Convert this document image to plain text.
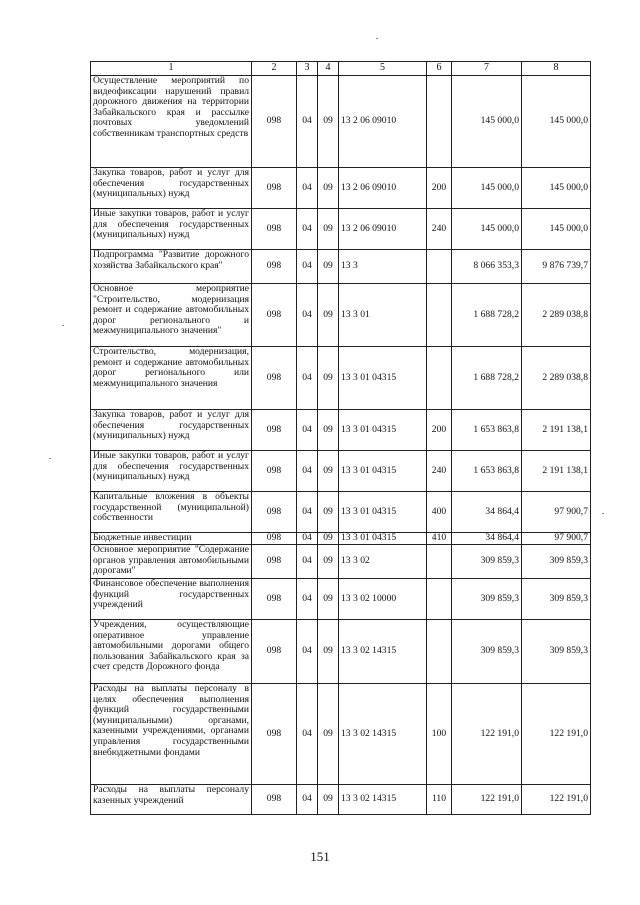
1	2	3	4	5	6	7	8
Осуществление мероприятий по видеофиксации нарушений правил дорожного движения на территории Забайкальского края и рассылке почтовых уведомлений собственникам транспортных средств	098	04	09	13 2 06 09010		145 000,0	145 000,0
Закупка товаров, работ и услуг для обеспечения государственных (муниципальных) нужд	098	04	09	13 2 06 09010	200	145 000,0	145 000,0
Иные закупки товаров, работ и услуг для обеспечения государственных (муниципальных) нужд	098	04	09	13 2 06 09010	240	145 000,0	145 000,0
Подпрограмма "Развитие дорожного хозяйства Забайкальского края"	098	04	09	13 3		8 066 353,3	9 876 739,7
Основное мероприятие "Строительство, модернизация ремонт и содержание автомобильных дорог регионального и межмуниципального значения"	098	04	09	13 3 01		1 688 728,2	2 289 038,8
Строительство, модернизация, ремонт и содержание автомобильных дорог регионального или межмуниципального значения	098	04	09	13 3 01 04315		1 688 728,2	2 289 038,8
Закупка товаров, работ и услуг для обеспечения государственных (муниципальных) нужд	098	04	09	13 3 01 04315	200	1 653 863,8	2 191 138,1
Иные закупки товаров, работ и услуг для обеспечения государственных (муниципальных) нужд	098	04	09	13 3 01 04315	240	1 653 863,8	2 191 138,1
Капитальные вложения в объекты государственной (муниципальной) собственности	098	04	09	13 3 01 04315	400	34 864,4	97 900,7
Бюджетные инвестиции	098	04	09	13 3 01 04315	410	34 864,4	97 900,7
Основное мероприятие "Содержание органов управления автомобильными дорогами"	098	04	09	13 3 02		309 859,3	309 859,3
Финансовое обеспечение выполнения функций государственных учреждений	098	04	09	13 3 02 10000		309 859,3	309 859,3
Учреждения, осуществляющие оперативное управление автомобильными дорогами общего пользования Забайкальского края за счет средств Дорожного фонда	098	04	09	13 3 02 14315		309 859,3	309 859,3
Расходы на выплаты персоналу в целях обеспечения выполнения функций государственными (муниципальными) органами, казенными учреждениями, органами управления государственными внебюджетными фондами	098	04	09	13 3 02 14315	100	122 191,0	122 191,0
Расходы на выплаты персоналу казенных учреждений	098	04	09	13 3 02 14315	110	122 191,0	122 191,0
151
